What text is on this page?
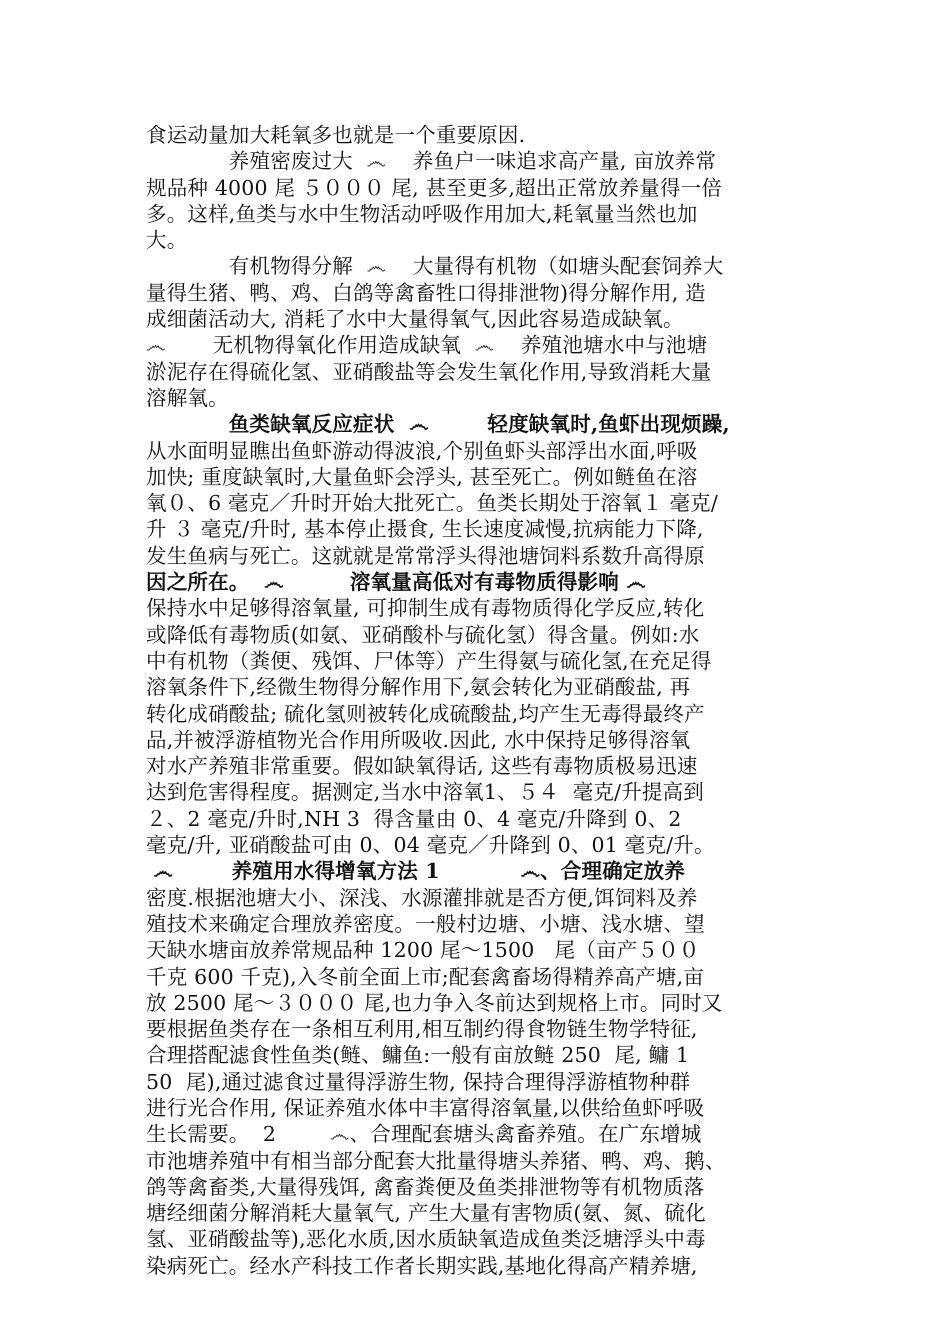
食运动量加大耗氧多也就是一个重要原因.
　　　　养殖密废过大  ෴    养鱼户一味追求高产量, 亩放养常
规品种 4000 尾 ５０００ 尾, 甚至更多,超出正常放养量得一倍
多。这样,鱼类与水中生物活动呼吸作用加大,耗氧量当然也加
大。
　　　　有机物得分解  ෴    大量得有机物（如塘头配套饲养大
量得生猪、鸭、鸡、白鸽等禽畜牲口得排泄物)得分解作用, 造
成细菌活动大, 消耗了水中大量得氧气,因此容易造成缺氧。
෴       无机物得氧化作用造成缺氧  ෴    养殖池塘水中与池塘
淤泥存在得硫化氢、亚硝酸盐等会发生氧化作用,导致消耗大量
溶解氧。
　　　　鱼类缺氧反应症状  ෴        轻度缺氧时,鱼虾出现烦躁,
从水面明显瞧出鱼虾游动得波浪,个别鱼虾头部浮出水面,呼吸
加快; 重度缺氧时,大量鱼虾会浮头, 甚至死亡。例如鲢鱼在溶
氧０、6 毫克／升时开始大批死亡。鱼类长期处于溶氧１ 毫克/
升 ３ 毫克/升时, 基本停止摄食, 生长速度减慢,抗病能力下降,
发生鱼病与死亡。这就就是常常浮头得池塘饲料系数升高得原
因之所在。  ෴         溶氧量高低对有毒物质得影响 ෴
保持水中足够得溶氧量, 可抑制生成有毒物质得化学反应,转化
或降低有毒物质(如氨、亚硝酸朴与硫化氢）得含量。例如:水
中有机物（粪便、残饵、尸体等）产生得氨与硫化氢,在充足得
溶氧条件下,经微生物得分解作用下,氨会转化为亚硝酸盐, 再
转化成硝酸盐; 硫化氢则被转化成硫酸盐,均产生无毒得最终产
品,并被浮游植物光合作用所吸收.因此, 水中保持足够得溶氧
对水产养殖非常重要。假如缺氧得话, 这些有毒物质极易迅速
达到危害得程度。据测定,当水中溶氧1、５４  毫克/升提高到
２、2 毫克/升时,NH 3  得含量由 0、4 毫克/升降到 0、2
毫克/升, 亚硝酸盐可由 0、04 毫克／升降到 0、01 毫克/升。
෴        养殖用水得增氧方法 1           ෴、合理确定放养
密度.根据池塘大小、深浅、水源灌排就是否方便,饵饲料及养
殖技术来确定合理放养密度。一般村边塘、小塘、浅水塘、望
天缺水塘亩放养常规品种 1200 尾～1500   尾（亩产５００
千克 600 千克),入冬前全面上市;配套禽畜场得精养高产塘,亩
放 2500 尾～３０００ 尾,也力争入冬前达到规格上市。同时又
要根据鱼类存在一条相互利用,相互制约得食物链生物学特征,
合理搭配滤食性鱼类(鲢、鳙鱼:一般有亩放鲢 250  尾, 鳙 1
50  尾),通过滤食过量得浮游生物, 保持合理得浮游植物种群
进行光合作用, 保证养殖水体中丰富得溶氧量,以供给鱼虾呼吸
生长需要。  2        ෴、合理配套塘头禽畜养殖。在广东增城
市池塘养殖中有相当部分配套大批量得塘头养猪、鸭、鸡、鹅、
鸽等禽畜类,大量得残饵, 禽畜粪便及鱼类排泄物等有机物质落
塘经细菌分解消耗大量氧气, 产生大量有害物质(氨、氮、硫化
氢、亚硝酸盐等),恶化水质,因水质缺氧造成鱼类泛塘浮头中毒
染病死亡。经水产科技工作者长期实践,基地化得高产精养塘,
